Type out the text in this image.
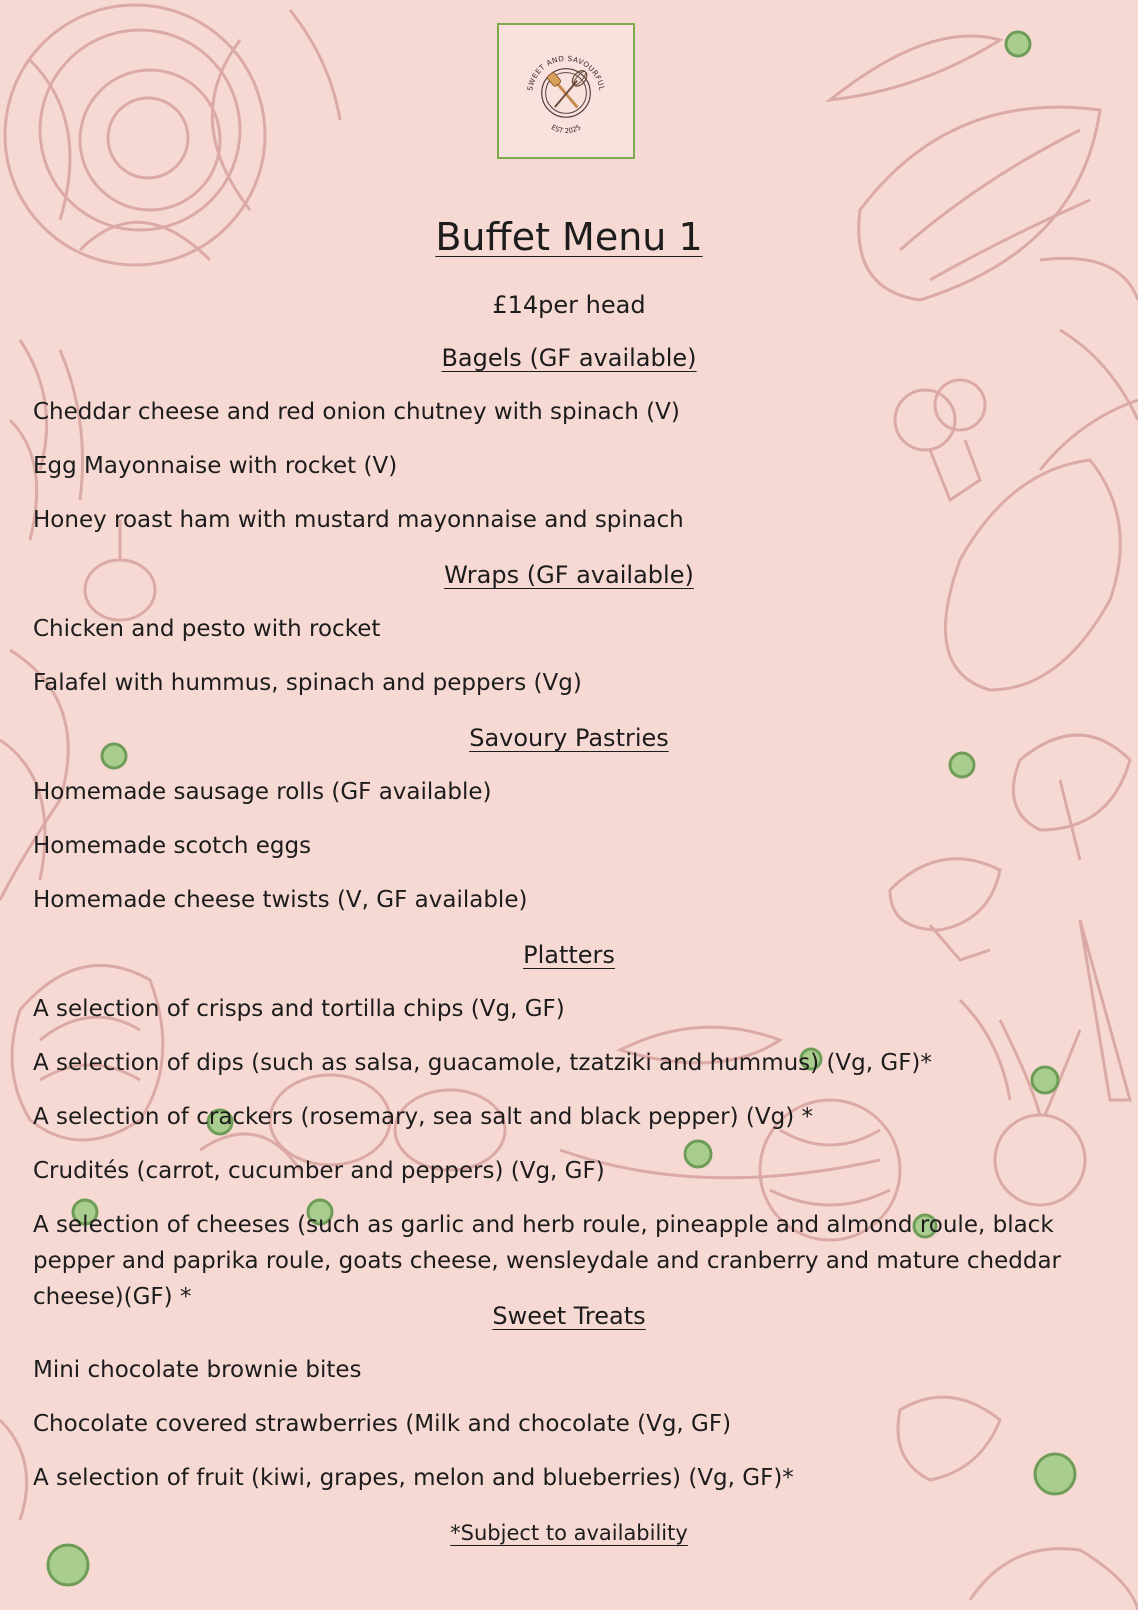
SWEET AND SAVOURFUL
EST 2025
Buffet Menu 1
£14per head
Bagels (GF available)
Cheddar cheese and red onion chutney with spinach (V)
Egg Mayonnaise with rocket (V)
Honey roast ham with mustard mayonnaise and spinach
Wraps (GF available)
Chicken and pesto with rocket
Falafel with hummus, spinach and peppers (Vg)
Savoury Pastries
Homemade sausage rolls (GF available)
Homemade scotch eggs
Homemade cheese twists (V, GF available)
Platters
A selection of crisps and tortilla chips (Vg, GF)
A selection of dips (such as salsa, guacamole, tzatziki and hummus) (Vg, GF)*
A selection of crackers (rosemary, sea salt and black pepper) (Vg) *
Crudités (carrot, cucumber and peppers) (Vg, GF)
A selection of cheeses (such as garlic and herb roule, pineapple and almond roule, black pepper and paprika roule, goats cheese, wensleydale and cranberry and mature cheddar cheese)(GF) *
Sweet Treats
Mini chocolate brownie bites
Chocolate covered strawberries (Milk and chocolate (Vg, GF)
A selection of fruit (kiwi, grapes, melon and blueberries) (Vg, GF)*
*Subject to availability
